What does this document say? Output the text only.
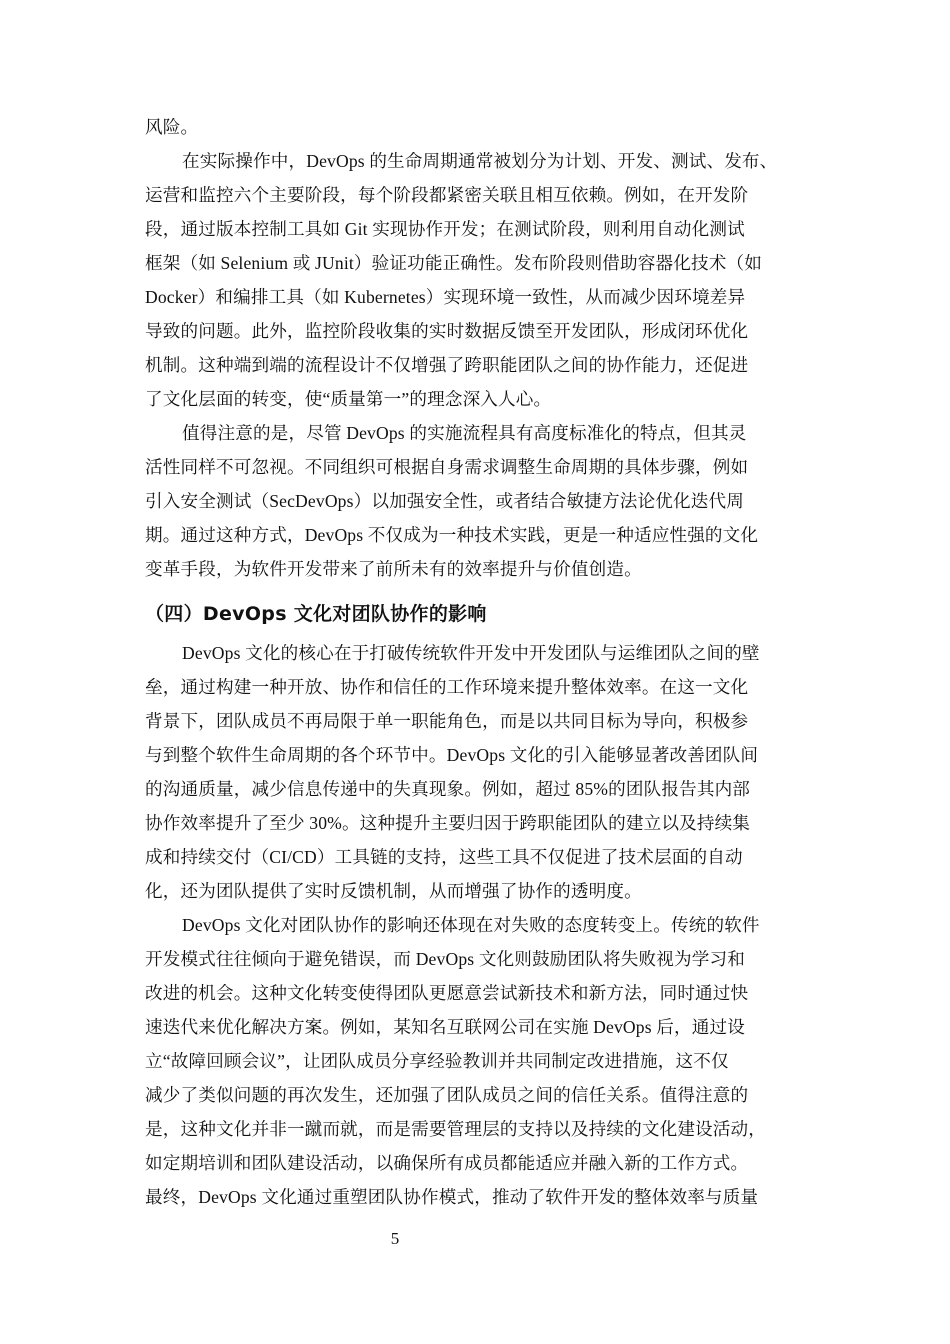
风险。
在实际操作中，DevOps 的生命周期通常被划分为计划、开发、测试、发布、
运营和监控六个主要阶段，每个阶段都紧密关联且相互依赖。例如，在开发阶
段，通过版本控制工具如 Git 实现协作开发；在测试阶段，则利用自动化测试
框架（如 Selenium 或 JUnit）验证功能正确性。发布阶段则借助容器化技术（如
Docker）和编排工具（如 Kubernetes）实现环境一致性，从而减少因环境差异
导致的问题。此外，监控阶段收集的实时数据反馈至开发团队，形成闭环优化
机制。这种端到端的流程设计不仅增强了跨职能团队之间的协作能力，还促进
了文化层面的转变，使“质量第一”的理念深入人心。
值得注意的是，尽管 DevOps 的实施流程具有高度标准化的特点，但其灵
活性同样不可忽视。不同组织可根据自身需求调整生命周期的具体步骤，例如
引入安全测试（SecDevOps）以加强安全性，或者结合敏捷方法论优化迭代周
期。通过这种方式，DevOps 不仅成为一种技术实践，更是一种适应性强的文化
变革手段，为软件开发带来了前所未有的效率提升与价值创造。
（四）DevOps 文化对团队协作的影响
DevOps 文化的核心在于打破传统软件开发中开发团队与运维团队之间的壁
垒，通过构建一种开放、协作和信任的工作环境来提升整体效率。在这一文化
背景下，团队成员不再局限于单一职能角色，而是以共同目标为导向，积极参
与到整个软件生命周期的各个环节中。DevOps 文化的引入能够显著改善团队间
的沟通质量，减少信息传递中的失真现象。例如，超过 85%的团队报告其内部
协作效率提升了至少 30%。这种提升主要归因于跨职能团队的建立以及持续集
成和持续交付（CI/CD）工具链的支持，这些工具不仅促进了技术层面的自动
化，还为团队提供了实时反馈机制，从而增强了协作的透明度。
DevOps 文化对团队协作的影响还体现在对失败的态度转变上。传统的软件
开发模式往往倾向于避免错误，而 DevOps 文化则鼓励团队将失败视为学习和
改进的机会。这种文化转变使得团队更愿意尝试新技术和新方法，同时通过快
速迭代来优化解决方案。例如，某知名互联网公司在实施 DevOps 后，通过设
立“故障回顾会议”，让团队成员分享经验教训并共同制定改进措施，这不仅
减少了类似问题的再次发生，还加强了团队成员之间的信任关系。值得注意的
是，这种文化并非一蹴而就，而是需要管理层的支持以及持续的文化建设活动，
如定期培训和团队建设活动，以确保所有成员都能适应并融入新的工作方式。
最终，DevOps 文化通过重塑团队协作模式，推动了软件开发的整体效率与质量
5
